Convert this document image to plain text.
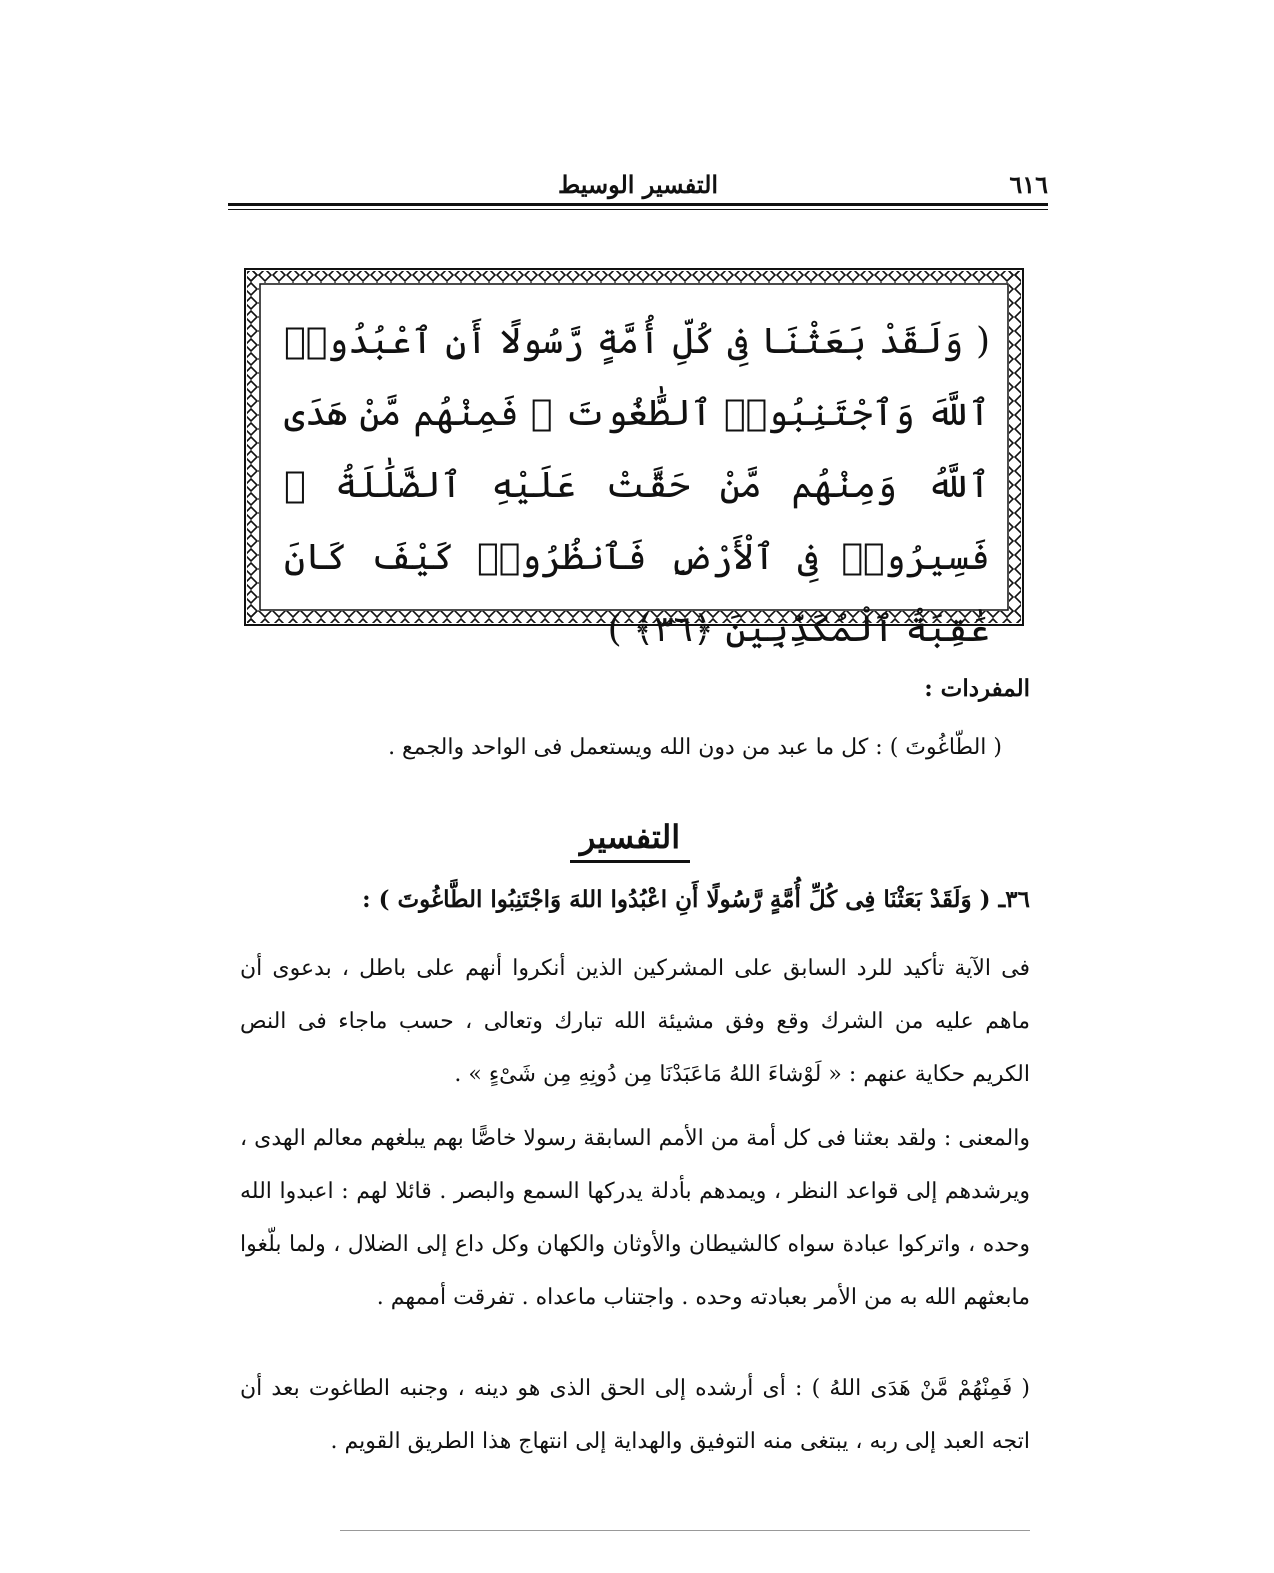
٦١٦
التفسير الوسيط
( وَلَقَدْ بَعَثْنَا فِى كُلِّ أُمَّةٍ رَّسُولًا أَنِ ٱعْبُدُوا۟ ٱللَّهَ وَٱجْتَنِبُوا۟ ٱلطَّٰغُوتَ ۖ فَمِنْهُم مَّنْ هَدَى ٱللَّهُ وَمِنْهُم مَّنْ حَقَّتْ عَلَيْهِ ٱلضَّلَٰلَةُ ۚ فَسِيرُوا۟ فِى ٱلْأَرْضِ فَٱنظُرُوا۟ كَيْفَ كَانَ عَٰقِبَةُ ٱلْمُكَذِّبِينَ ﴿٣٦﴾ )
المفردات :
( الطّاغُوتَ ) : كل ما عبد من دون الله ويستعمل فى الواحد والجمع .
التفسير
٣٦ـ ( وَلَقَدْ بَعَثْنَا فِى كُلِّ أُمَّةٍ رَّسُولًا أَنِ اعْبُدُوا اللهَ وَاجْتَنِبُوا الطَّاغُوتَ ) :
فى الآية تأكيد للرد السابق على المشركين الذين أنكروا أنهم على باطل ، بدعوى أن ماهم عليه من الشرك وقع وفق مشيئة الله تبارك وتعالى ، حسب ماجاء فى النص الكريم حكاية عنهم : « لَوْشاءَ اللهُ مَاعَبَدْنَا مِن دُونِهِ مِن شَىْءٍ » .
والمعنى : ولقد بعثنا فى كل أمة من الأمم السابقة رسولا خاصًّا بهم يبلغهم معالم الهدى ، ويرشدهم إلى قواعد النظر ، ويمدهم بأدلة يدركها السمع والبصر . قائلا لهم : اعبدوا الله وحده ، واتركوا عبادة سواه كالشيطان والأوثان والكهان وكل داع إلى الضلال ، ولما بلّغوا مابعثهم الله به من الأمر بعبادته وحده . واجتناب ماعداه . تفرقت أممهم .
( فَمِنْهُمْ مَّنْ هَدَى اللهُ ) : أى أرشده إلى الحق الذى هو دينه ، وجنبه الطاغوت بعد أن اتجه العبد إلى ربه ، يبتغى منه التوفيق والهداية إلى انتهاج هذا الطريق القويم .
